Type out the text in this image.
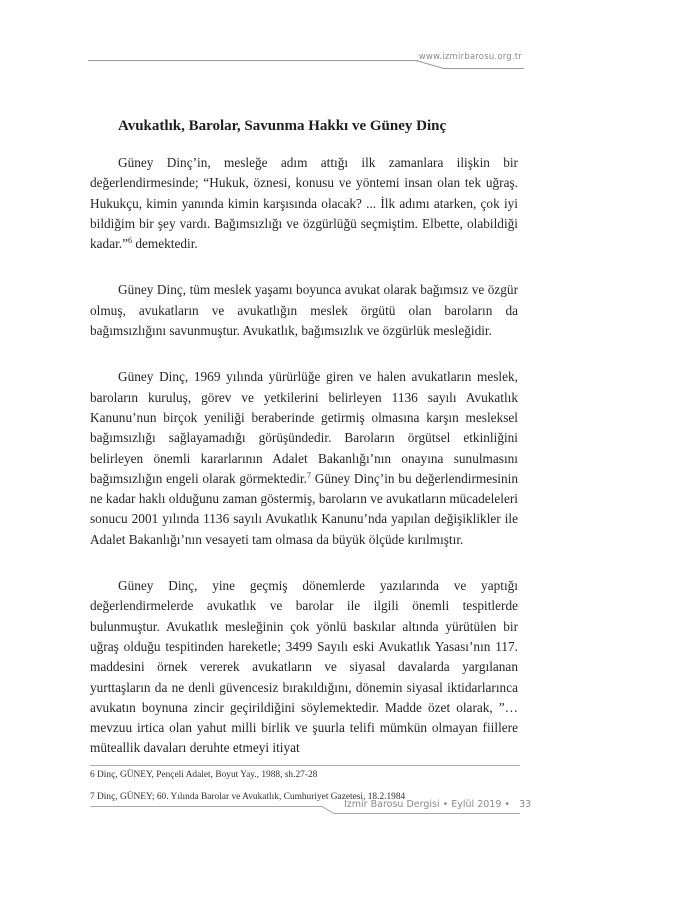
www.izmirbarosu.org.tr
Avukatlık, Barolar, Savunma Hakkı ve Güney Dinç

Güney Dinç’in, mesleğe adım attığı ilk zamanlara ilişkin bir değerlendirmesinde; “Hukuk, öznesi, konusu ve yöntemi insan olan tek uğraş. Hukukçu, kimin yanında kimin karşısında olacak? ... İlk adımı atarken, çok iyi bildiğim bir şey vardı. Bağımsızlığı ve özgürlüğü seçmiştim. Elbette, olabildiği kadar.”$^6$ demektedir.

Güney Dinç, tüm meslek yaşamı boyunca avukat olarak bağımsız ve özgür olmuş, avukatların ve avukatlığın meslek örgütü olan baroların da bağımsızlığını savunmuştur. Avukatlık, bağımsızlık ve özgürlük mesleğidir.

Güney Dinç, 1969 yılında yürürlüğe giren ve halen avukatların meslek, baroların kuruluş, görev ve yetkilerini belirleyen 1136 sayılı Avukatlık Kanunu’nun birçok yeniliği beraberinde getirmiş olmasına karşın mesleksel bağımsızlığı sağlayamadığı görüşündedir. Baroların örgütsel etkinliğini belirleyen önemli kararlarının Adalet Bakanlığı’nın onayına sunulmasını bağımsızlığın engeli olarak görmektedir.$^7$ Güney Dinç’in bu değerlendirmesinin ne kadar haklı olduğunu zaman göstermiş, baroların ve avukatların mücadeleleri sonucu 2001 yılında 1136 sayılı Avukatlık Kanunu’nda yapılan değişiklikler ile Adalet Bakanlığı’nın vesayeti tam olmasa da büyük ölçüde kırılmıştır.

Güney Dinç, yine geçmiş dönemlerde yazılarında ve yaptığı değerlendirmelerde avukatlık ve barolar ile ilgili önemli tespitlerde bulunmuştur. Avukatlık mesleğinin çok yönlü baskılar altında yürütülen bir uğraş olduğu tespitinden hareketle; 3499 Sayılı eski Avukatlık Yasası’nın 117. maddesini örnek vererek avukatların ve siyasal davalarda yargılanan yurttaşların da ne denli güvencesiz bırakıldığını, dönemin siyasal iktidarlarınca avukatın boynuna zincir geçirildiğini söylemektedir. Madde özet olarak, ”…mevzuu irtica olan yahut milli birlik ve şuurla telifi mümkün olmayan fiillere müteallik davaları deruhte etmeyi itiyat

6 Dinç, GÜNEY, Pençeli Adalet, Boyut Yay., 1988, sh.27-28
7 Dinç, GÜNEY; 60. Yılında Barolar ve Avukatlık, Cumhuriyet Gazetesi, 18.2.1984
İzmir Barosu Dergisi • Eylül 2019 • 33
